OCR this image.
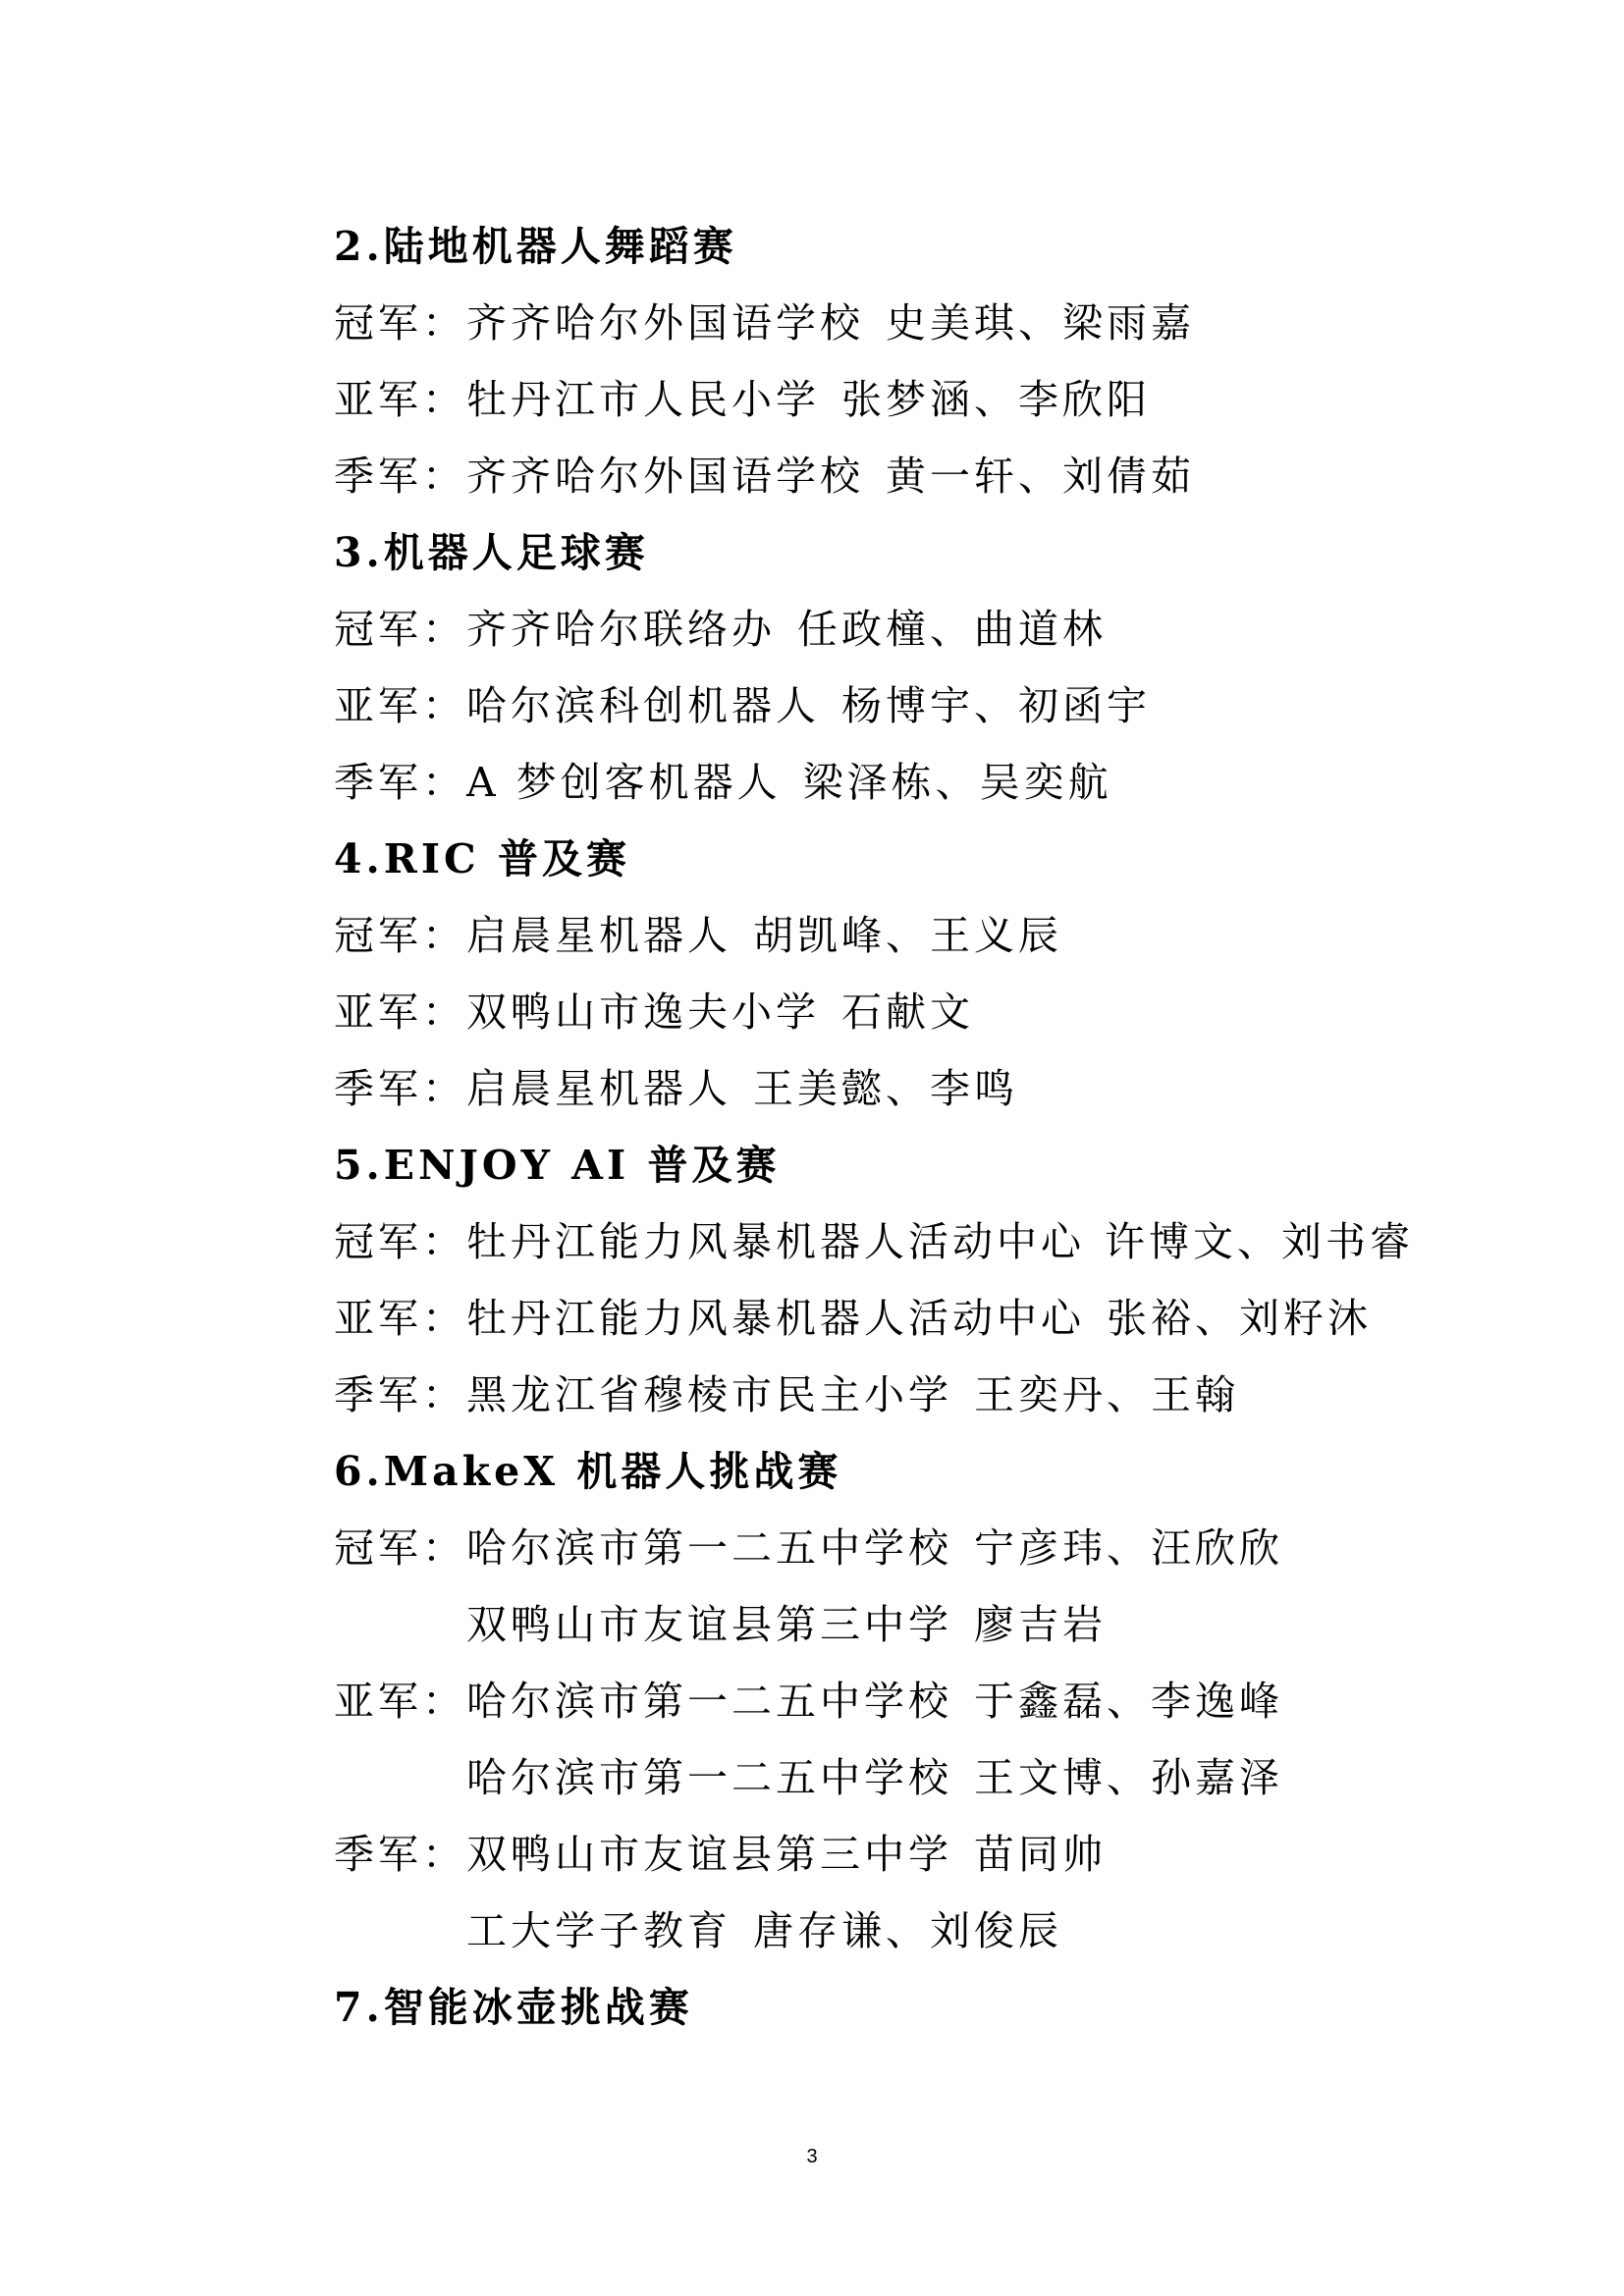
2.陆地机器人舞蹈赛
冠军： 齐齐哈尔外国语学校 史美琪、梁雨嘉
亚军： 牡丹江市人民小学 张梦涵、李欣阳
季军： 齐齐哈尔外国语学校 黄一轩、刘倩茹
3.机器人足球赛
冠军： 齐齐哈尔联络办 任政橦、曲道林
亚军： 哈尔滨科创机器人 杨博宇、初函宇
季军： A 梦创客机器人 梁泽栋、吴奕航
4.RIC 普及赛
冠军： 启晨星机器人 胡凯峰、王义辰
亚军： 双鸭山市逸夫小学 石献文
季军： 启晨星机器人 王美懿、李鸣
5.ENJOY AI 普及赛
冠军： 牡丹江能力风暴机器人活动中心 许博文、刘书睿
亚军： 牡丹江能力风暴机器人活动中心 张裕、刘籽沐
季军： 黑龙江省穆棱市民主小学 王奕丹、王翰
6.MakeX 机器人挑战赛
冠军： 哈尔滨市第一二五中学校 宁彦玮、汪欣欣
双鸭山市友谊县第三中学 廖吉岩
亚军： 哈尔滨市第一二五中学校 于鑫磊、李逸峰
哈尔滨市第一二五中学校 王文博、孙嘉泽
季军： 双鸭山市友谊县第三中学 苗同帅
工大学子教育 唐存谦、刘俊辰
7.智能冰壶挑战赛
3
